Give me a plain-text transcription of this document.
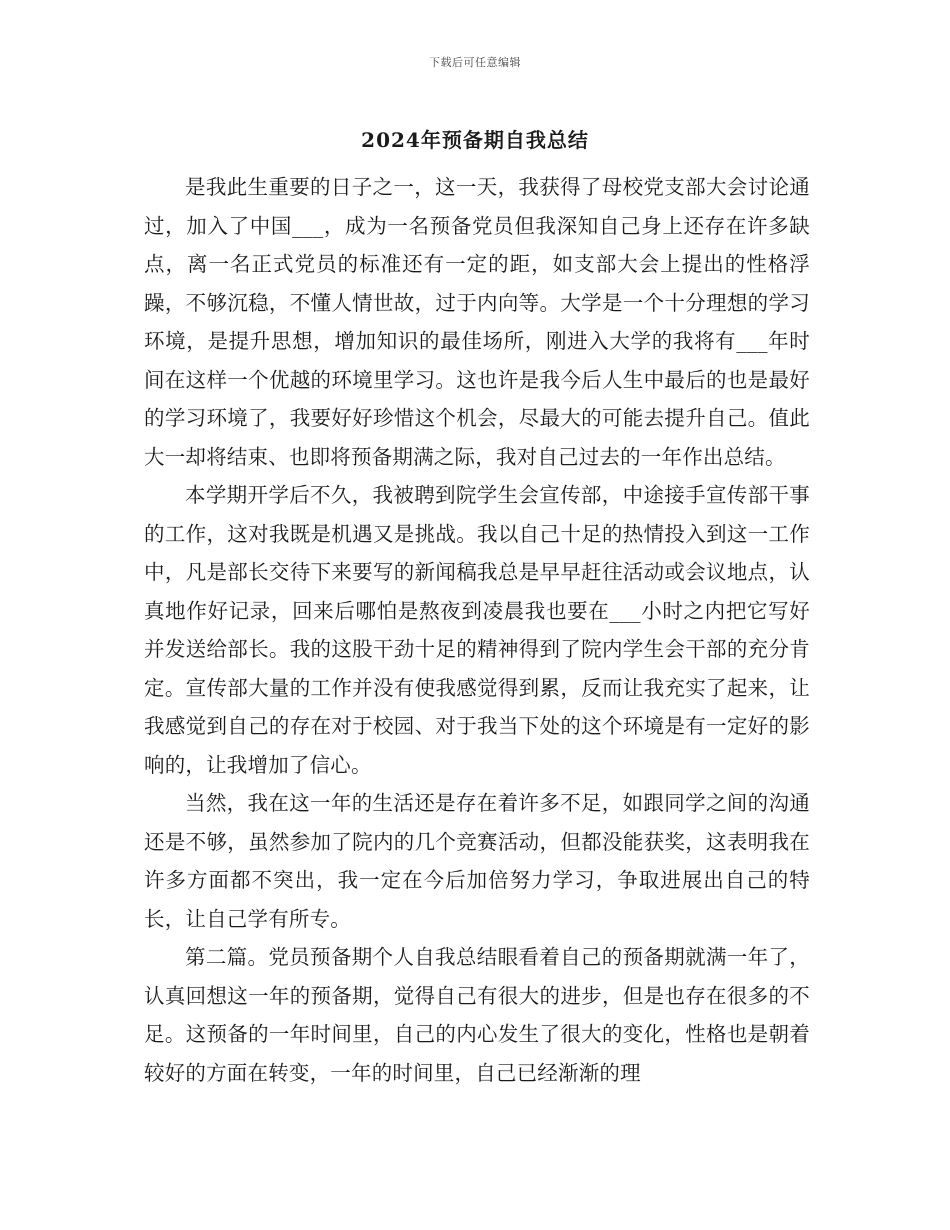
下载后可任意编辑
2024年预备期自我总结

是我此生重要的日子之一，这一天，我获得了母校党支部大会讨论通过，加入了中国___，成为一名预备党员但我深知自己身上还存在许多缺点，离一名正式党员的标准还有一定的距，如支部大会上提出的性格浮躁，不够沉稳，不懂人情世故，过于内向等。大学是一个十分理想的学习环境，是提升思想，增加知识的最佳场所，刚进入大学的我将有___年时间在这样一个优越的环境里学习。这也许是我今后人生中最后的也是最好的学习环境了，我要好好珍惜这个机会，尽最大的可能去提升自己。值此大一却将结束、也即将预备期满之际，我对自己过去的一年作出总结。

本学期开学后不久，我被聘到院学生会宣传部，中途接手宣传部干事的工作，这对我既是机遇又是挑战。我以自己十足的热情投入到这一工作中，凡是部长交待下来要写的新闻稿我总是早早赶往活动或会议地点，认真地作好记录，回来后哪怕是熬夜到凌晨我也要在___小时之内把它写好并发送给部长。我的这股干劲十足的精神得到了院内学生会干部的充分肯定。宣传部大量的工作并没有使我感觉得到累，反而让我充实了起来，让我感觉到自己的存在对于校园、对于我当下处的这个环境是有一定好的影响的，让我增加了信心。

当然，我在这一年的生活还是存在着许多不足，如跟同学之间的沟通还是不够，虽然参加了院内的几个竞赛活动，但都没能获奖，这表明我在许多方面都不突出，我一定在今后加倍努力学习，争取进展出自己的特长，让自己学有所专。

第二篇。党员预备期个人自我总结眼看着自己的预备期就满一年了，认真回想这一年的预备期，觉得自己有很大的进步，但是也存在很多的不足。这预备的一年时间里，自己的内心发生了很大的变化，性格也是朝着较好的方面在转变，一年的时间里，自己已经渐渐的理
